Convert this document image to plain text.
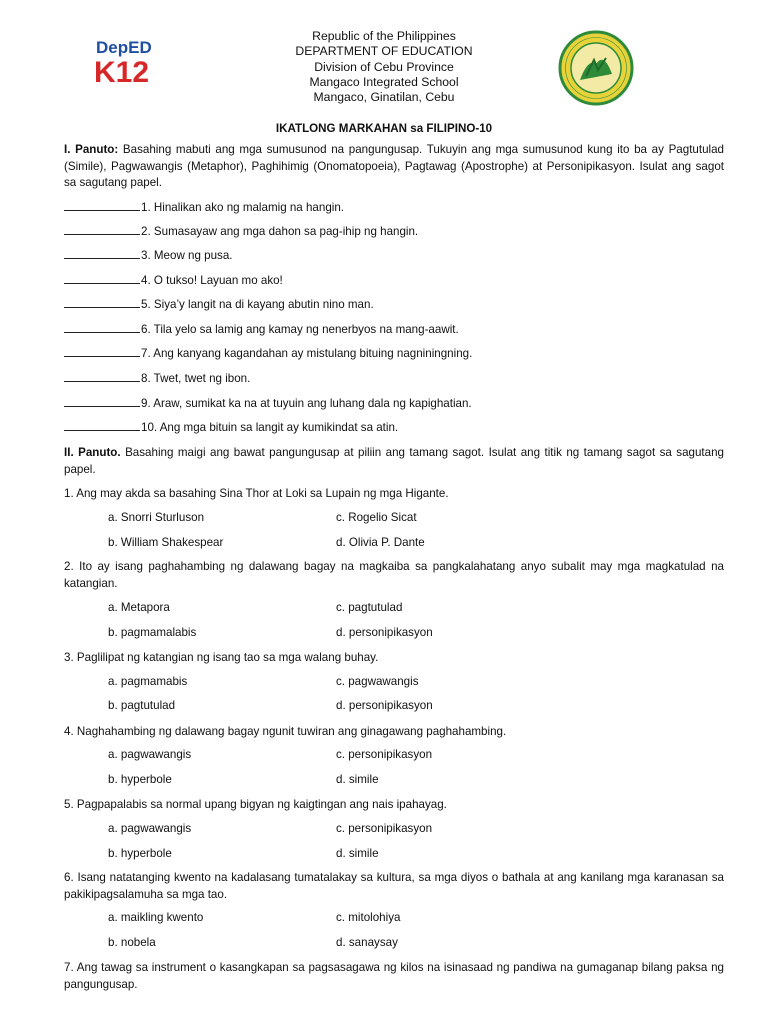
DepED
K12
Republic of the Philippines
DEPARTMENT OF EDUCATION
Division of Cebu Province
Mangaco Integrated School
Mangaco, Ginatilan, Cebu
IKATLONG MARKAHAN sa FILIPINO-10
I. Panuto: Basahing mabuti ang mga sumusunod na pangungusap. Tukuyin ang mga sumusunod kung ito ba ay Pagtutulad (Simile), Pagwawangis (Metaphor), Paghihimig (Onomatopoeia), Pagtawag (Apostrophe) at Personipikasyon. Isulat ang sagot sa sagutang papel.
1. Hinalikan ako ng malamig na hangin.
2. Sumasayaw ang mga dahon sa pag-ihip ng hangin.
3. Meow ng pusa.
4. O tukso! Layuan mo ako!
5. Siya’y langit na di kayang abutin nino man.
6. Tila yelo sa lamig ang kamay ng nenerbyos na mang-aawit.
7. Ang kanyang kagandahan ay mistulang bituing nagniningning.
8. Twet, twet ng ibon.
9. Araw, sumikat ka na at tuyuin ang luhang dala ng kapighatian.
10. Ang mga bituin sa langit ay kumikindat sa atin.
II. Panuto. Basahing maigi ang bawat pangungusap at piliin ang tamang sagot. Isulat ang titik ng tamang sagot sa sagutang papel.
1. Ang may akda sa basahing Sina Thor at Loki sa Lupain ng mga Higante.
a. Snorri Sturluson	c. Rogelio Sicat
b. William Shakespear	d. Olivia P. Dante
2. Ito ay isang paghahambing ng dalawang bagay na magkaiba sa pangkalahatang anyo subalit may mga magkatulad na katangian.
a. Metapora	c. pagtutulad
b. pagmamalabis	d. personipikasyon
3. Paglilipat ng katangian ng isang tao sa mga walang buhay.
a. pagmamabis	c. pagwawangis
b. pagtutulad	d. personipikasyon
4. Naghahambing ng dalawang bagay ngunit tuwiran ang ginagawang paghahambing.
a. pagwawangis	c. personipikasyon
b. hyperbole	d. simile
5. Pagpapalabis sa normal upang bigyan ng kaigtingan ang nais ipahayag.
a. pagwawangis	c. personipikasyon
b. hyperbole	d. simile
6. Isang natatanging kwento na kadalasang tumatalakay sa kultura, sa mga diyos o bathala at ang kanilang mga karanasan sa pakikipagsalamuha sa mga tao.
a. maikling kwento	c. mitolohiya
b. nobela	d. sanaysay
7. Ang tawag sa instrument o kasangkapan sa pagsasagawa ng kilos na isinasaad ng pandiwa na gumaganap bilang paksa ng pangungusap.
